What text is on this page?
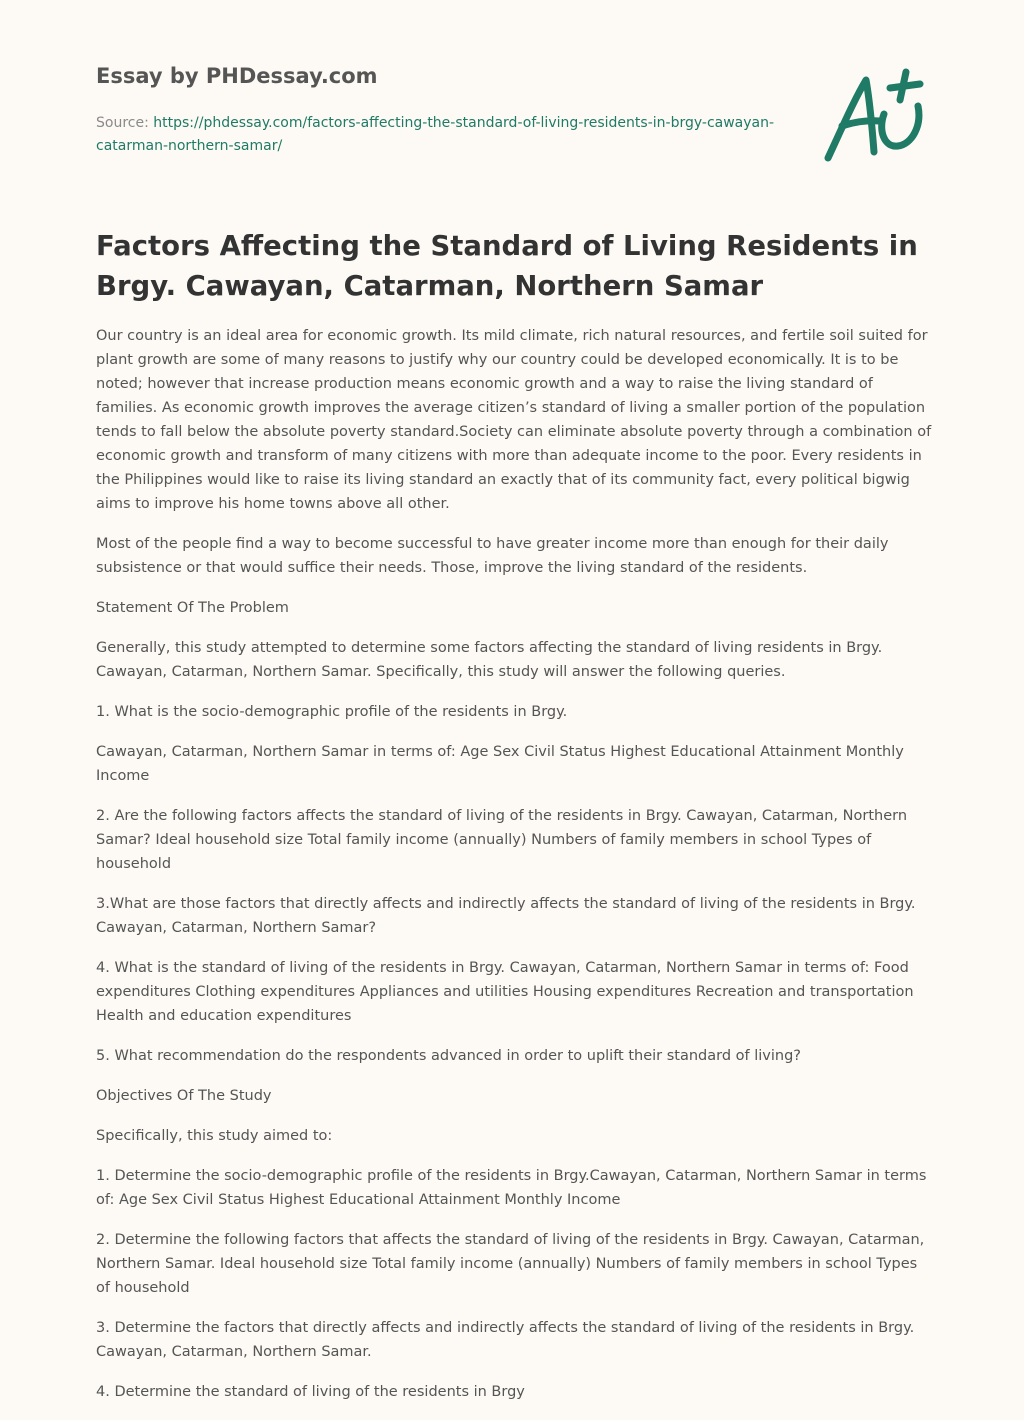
Essay by PHDessay.com
Source: https://phdessay.com/factors-affecting-the-standard-of-living-residents-in-brgy-cawayan-catarman-northern-samar/
Factors Affecting the Standard of Living Residents in Brgy. Cawayan, Catarman, Northern Samar

Our country is an ideal area for economic growth. Its mild climate, rich natural resources, and fertile soil suited for plant growth are some of many reasons to justify why our country could be developed economically. It is to be noted; however that increase production means economic growth and a way to raise the living standard of families. As economic growth improves the average citizen’s standard of living a smaller portion of the population tends to fall below the absolute poverty standard.Society can eliminate absolute poverty through a combination of economic growth and transform of many citizens with more than adequate income to the poor. Every residents in the Philippines would like to raise its living standard an exactly that of its community fact, every political bigwig aims to improve his home towns above all other.

Most of the people find a way to become successful to have greater income more than enough for their daily subsistence or that would suffice their needs. Those, improve the living standard of the residents.

Statement Of The Problem

Generally, this study attempted to determine some factors affecting the standard of living residents in Brgy. Cawayan, Catarman, Northern Samar. Specifically, this study will answer the following queries.

1. What is the socio-demographic profile of the residents in Brgy.

Cawayan, Catarman, Northern Samar in terms of: Age Sex Civil Status Highest Educational Attainment Monthly Income

2. Are the following factors affects the standard of living of the residents in Brgy. Cawayan, Catarman, Northern Samar? Ideal household size Total family income (annually) Numbers of family members in school Types of household

3.What are those factors that directly affects and indirectly affects the standard of living of the residents in Brgy. Cawayan, Catarman, Northern Samar?

4. What is the standard of living of the residents in Brgy. Cawayan, Catarman, Northern Samar in terms of: Food expenditures Clothing expenditures Appliances and utilities Housing expenditures Recreation and transportation Health and education expenditures

5. What recommendation do the respondents advanced in order to uplift their standard of living?

Objectives Of The Study

Specifically, this study aimed to:

1. Determine the socio-demographic profile of the residents in Brgy.Cawayan, Catarman, Northern Samar in terms of: Age Sex Civil Status Highest Educational Attainment Monthly Income

2. Determine the following factors that affects the standard of living of the residents in Brgy. Cawayan, Catarman, Northern Samar. Ideal household size Total family income (annually) Numbers of family members in school Types of household

3. Determine the factors that directly affects and indirectly affects the standard of living of the residents in Brgy. Cawayan, Catarman, Northern Samar.

4. Determine the standard of living of the residents in Brgy
